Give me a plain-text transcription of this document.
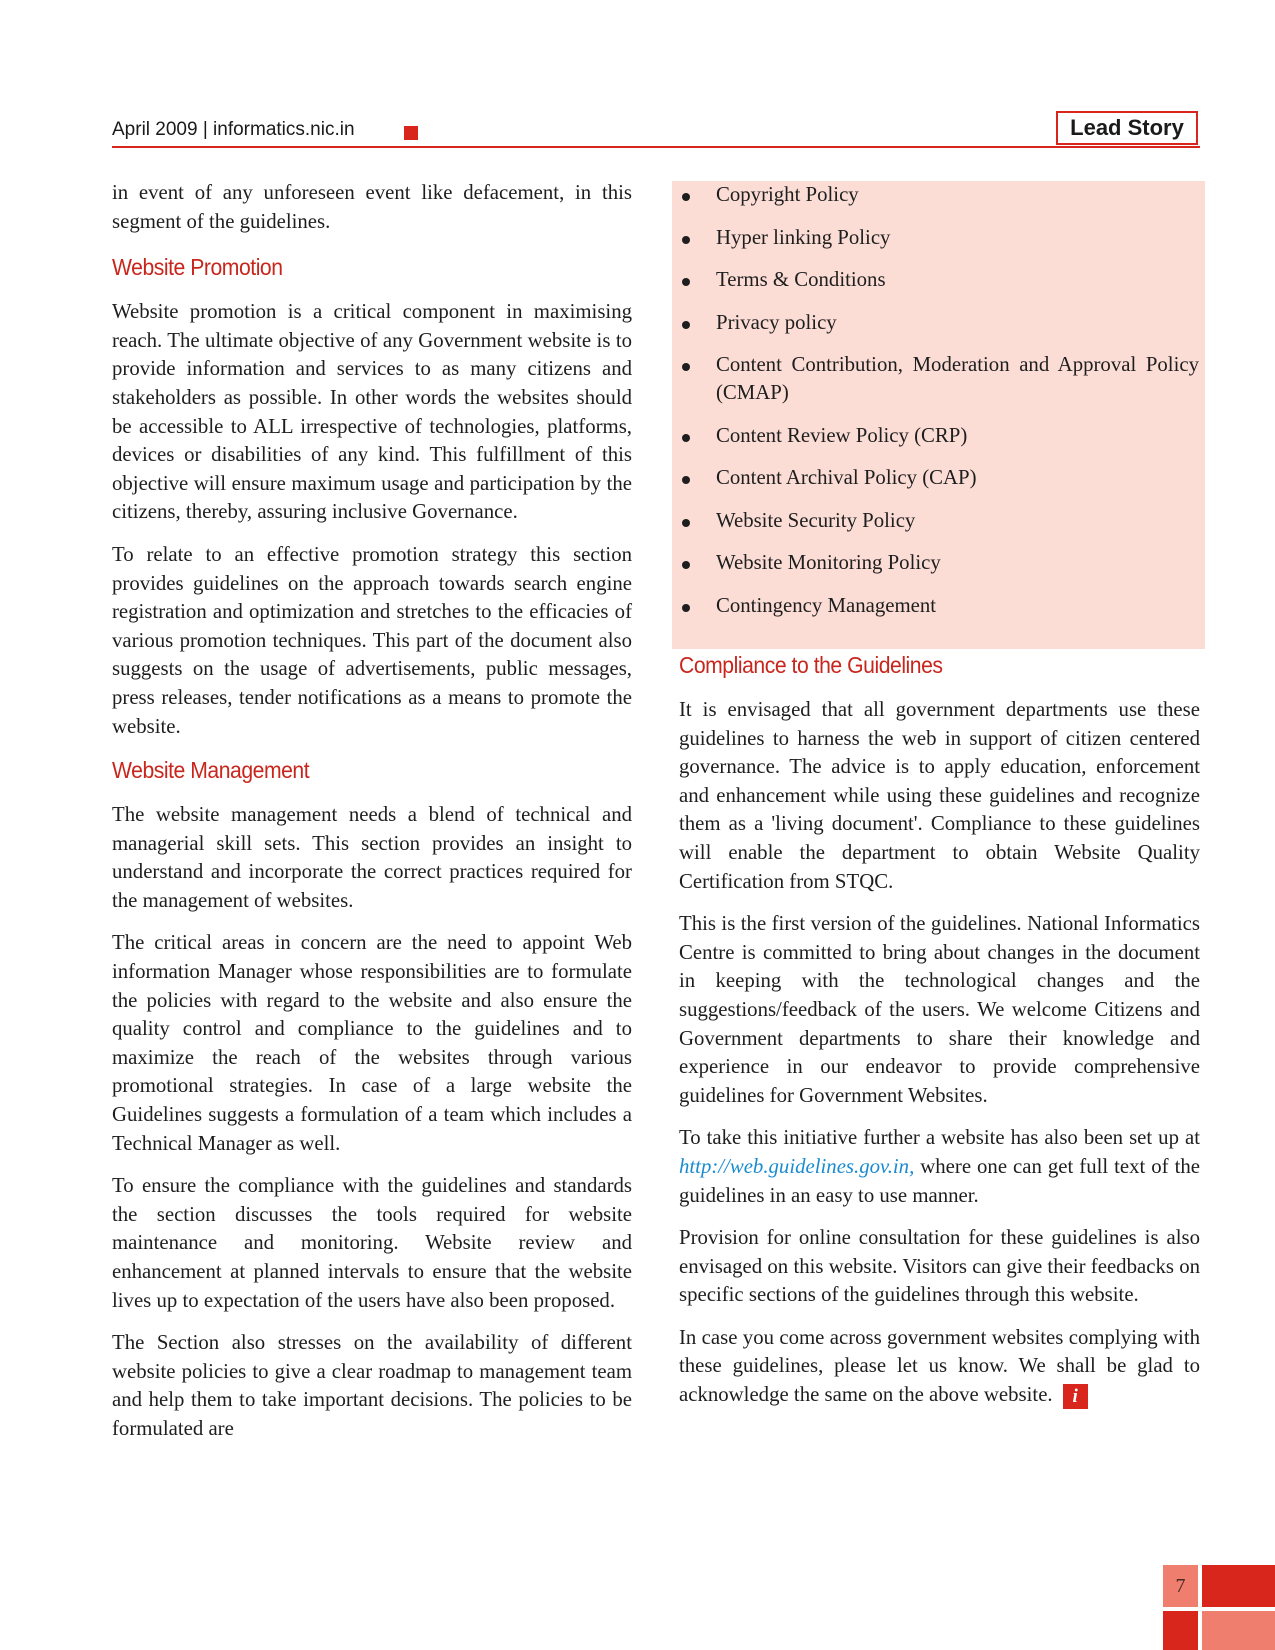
April 2009 | informatics.nic.in	Lead Story

in event of any unforeseen event like defacement, in this segment of the guidelines.

Website Promotion

Website promotion is a critical component in maximising reach. The ultimate objective of any Government website is to provide information and services to as many citizens and stakeholders as possible. In other words the websites should be accessible to ALL irrespective of technologies, platforms, devices or disabilities of any kind. This fulfillment of this objective will ensure maximum usage and participation by the citizens, thereby, assuring inclusive Governance.

To relate to an effective promotion strategy this section provides guidelines on the approach towards search engine registration and optimization and stretches to the efficacies of various promotion techniques. This part of the document also suggests on the usage of advertisements, public messages, press releases, tender notifications as a means to promote the website.

Website Management

The website management needs a blend of technical and managerial skill sets. This section provides an insight to understand and incorporate the correct practices required for the management of websites.

The critical areas in concern are the need to appoint Web information Manager whose responsibilities are to formulate the policies with regard to the website and also ensure the quality control and compliance to the guidelines and to maximize the reach of the websites through various promotional strategies. In case of a large website the Guidelines suggests a formulation of a team which includes a Technical Manager as well.

To ensure the compliance with the guidelines and standards the section discusses the tools required for website maintenance and monitoring. Website review and enhancement at planned intervals to ensure that the website lives up to expectation of the users have also been proposed.

The Section also stresses on the availability of different website policies to give a clear roadmap to management team and help them to take important decisions. The policies to be formulated are

Copyright Policy
Hyper linking Policy
Terms & Conditions
Privacy policy
Content Contribution, Moderation and Approval Policy (CMAP)
Content Review Policy (CRP)
Content Archival Policy (CAP)
Website Security Policy
Website Monitoring Policy
Contingency Management
Compliance to the Guidelines

It is envisaged that all government departments use these guidelines to harness the web in support of citizen centered governance. The advice is to apply education, enforcement and enhancement while using these guidelines and recognize them as a 'living document'. Compliance to these guidelines will enable the department to obtain Website Quality Certification from STQC.

This is the first version of the guidelines. National Informatics Centre is committed to bring about changes in the document in keeping with the technological changes and the suggestions/feedback of the users. We welcome Citizens and Government departments to share their knowledge and experience in our endeavor to provide comprehensive guidelines for Government Websites.

To take this initiative further a website has also been set up at http://web.guidelines.gov.in, where one can get full text of the guidelines in an easy to use manner.

Provision for online consultation for these guidelines is also envisaged on this website. Visitors can give their feedbacks on specific sections of the guidelines through this website.

In case you come across government websites complying with these guidelines, please let us know. We shall be glad to acknowledge the same on the above website. i

7
